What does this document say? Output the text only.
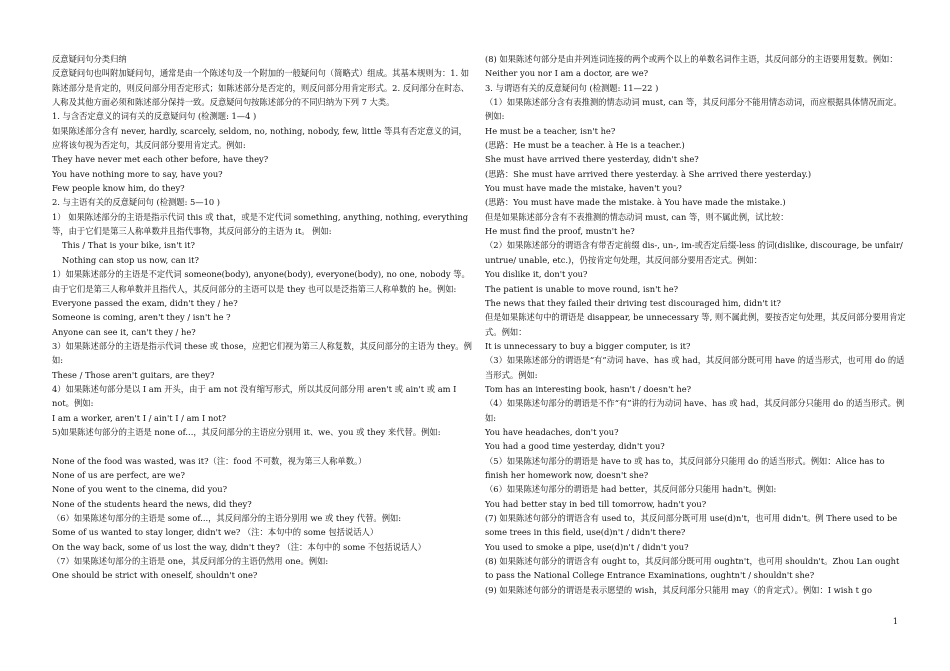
反意疑问句分类归纳

反意疑问句也叫附加疑问句，通常是由一个陈述句及一个附加的一般疑问句（简略式）组成。其基本规则为：1. 如陈述部分是肯定的，则反问部分用否定形式；如陈述部分是否定的，则反问部分用肯定形式。2. 反问部分在时态、人称及其他方面必须和陈述部分保持一致。反意疑问句按陈述部分的不同归纳为下列 7 大类。

1. 与含否定意义的词有关的反意疑问句 (检测题: 1—4 )

如果陈述部分含有 never, hardly, scarcely, seldom, no, nothing, nobody, few, little 等具有否定意义的词，应将该句视为否定句，其反问部分要用肯定式。例如:

They have never met each other before, have they?

You have nothing more to say, have you?

Few people know him, do they?

2. 与主语有关的反意疑问句 (检测题: 5—10 )

1） 如果陈述部分的主语是指示代词 this 或 that，或是不定代词 something, anything, nothing, everything 等，由于它们是第三人称单数并且指代事物，其反问部分的主语为 it。 例如:

This / That is your bike, isn't it?

Nothing can stop us now, can it?

1）如果陈述部分的主语是不定代词 someone(body), anyone(body), everyone(body), no one, nobody 等。由于它们是第三人称单数并且指代人，其反问部分的主语可以是 they 也可以是泛指第三人称单数的 he。例如:

Everyone passed the exam, didn't they / he?

Someone is coming, aren't they / isn't he ?

Anyone can see it, can't they / he?

3）如果陈述部分的主语是指示代词 these 或 those，应把它们视为第三人称复数，其反问部分的主语为 they。例如:

These / Those aren't guitars, are they?

4）如果陈述句部分是以 I am 开头，由于 am not 没有缩写形式，所以其反问部分用 aren't 或 ain't 或 am I not。例如:

I am a worker, aren't I / ain't I / am I not?

5)如果陈述句部分的主语是 none of...，其反问部分的主语应分别用 it、we、you 或 they 来代替。例如:

None of the food was wasted, was it?（注：food 不可数，视为第三人称单数。）

None of us are perfect, are we?

None of you went to the cinema, did you?

None of the students heard the news, did they?

（6）如果陈述句部分的主语是 some of...，其反问部分的主语分别用 we 或 they 代替。例如:

Some of us wanted to stay longer, didn't we? （注：本句中的 some 包括说话人）

On the way back, some of us lost the way, didn't they? （注：本句中的 some 不包括说话人）

（7）如果陈述句部分的主语是 one，其反问部分的主语仍然用 one。例如:

One should be strict with oneself, shouldn't one?

(8) 如果陈述句部分是由并列连词连接的两个或两个以上的单数名词作主语，其反问部分的主语要用复数。例如：

Neither you nor I am a doctor, are we?

3. 与谓语有关的反意疑问句 (检测题: 11—22 )

（1）如果陈述部分含有表推测的情态动词 must, can 等，其反问部分不能用情态动词，而应根据具体情况而定。例如:

He must be a teacher, isn't he?

(思路：He must be a teacher. à He is a teacher.)

She must have arrived there yesterday, didn't she?

(思路：She must have arrived there yesterday. à She arrived there yesterday.)

You must have made the mistake, haven't you?

(思路：You must have made the mistake. à You have made the mistake.)

但是如果陈述部分含有不表推测的情态动词 must, can 等，则不属此例，试比较：

He must find the proof, mustn't he?

（2）如果陈述部分的谓语含有带否定前缀 dis-, un-, im-或否定后缀-less 的词(dislike, discourage, be unfair/ untrue/ unable, etc.)，仍按肯定句处理，其反问部分要用否定式。例如：

You dislike it, don't you?

The patient is unable to move round, isn't he?

The news that they failed their driving test discouraged him, didn't it?

但是如果陈述句中的谓语是 disappear, be unnecessary 等, 则不属此例，要按否定句处理，其反问部分要用肯定式。例如：

It is unnecessary to buy a bigger computer, is it?

（3）如果陈述部分的谓语是“有”动词 have、has 或 had，其反问部分既可用 have 的适当形式，也可用 do 的适当形式。例如:

Tom has an interesting book, hasn't / doesn't he?

（4）如果陈述句部分的谓语是不作“有”讲的行为动词 have、has 或 had，其反问部分只能用 do 的适当形式。例如:

You have headaches, don't you?

You had a good time yesterday, didn't you?

（5）如果陈述句部分的谓语是 have to 或 has to，其反问部分只能用 do 的适当形式。例如：Alice has to finish her homework now, doesn't she?

（6）如果陈述句部分的谓语是 had better，其反问部分只能用 hadn't。例如:

You had better stay in bed till tomorrow, hadn't you?

(7) 如果陈述句部分的谓语含有 used to，其反问部分既可用 use(d)n't，也可用 didn't。例 There used to be some trees in this field, use(d)n't / didn't there?

You used to smoke a pipe, use(d)n't / didn't you?

(8) 如果陈述句部分的谓语含有 ought to，其反问部分既可用 oughtn't，也可用 shouldn't。Zhou Lan ought to pass the National College Entrance Examinations, oughtn't / shouldn't she?

(9) 如果陈述句部分的谓语是表示愿望的 wish，其反问部分只能用 may（的肯定式）。例如：I wish t go

1
